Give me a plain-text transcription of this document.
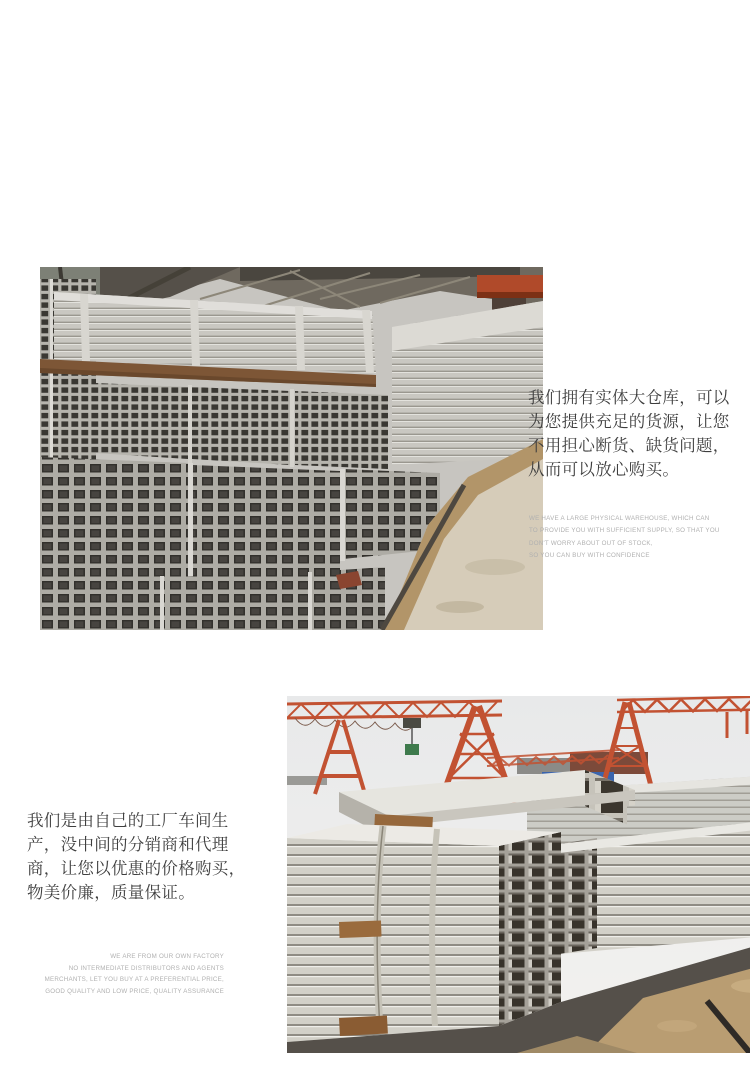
我们拥有实体大仓库，可以
为您提供充足的货源，让您
不用担心断货、缺货问题，
从而可以放心购买。
WE HAVE A LARGE PHYSICAL WAREHOUSE, WHICH CAN
TO PROVIDE YOU WITH SUFFICIENT SUPPLY, SO THAT YOU
DON'T WORRY ABOUT OUT OF STOCK,
SO YOU CAN BUY WITH CONFIDENCE
我们是由自己的工厂车间生
产，没中间的分销商和代理
商，让您以优惠的价格购买，
物美价廉，质量保证。
WE ARE FROM OUR OWN FACTORY
NO INTERMEDIATE DISTRIBUTORS AND AGENTS
MERCHANTS, LET YOU BUY AT A PREFERENTIAL PRICE,
GOOD QUALITY AND LOW PRICE, QUALITY ASSURANCE
